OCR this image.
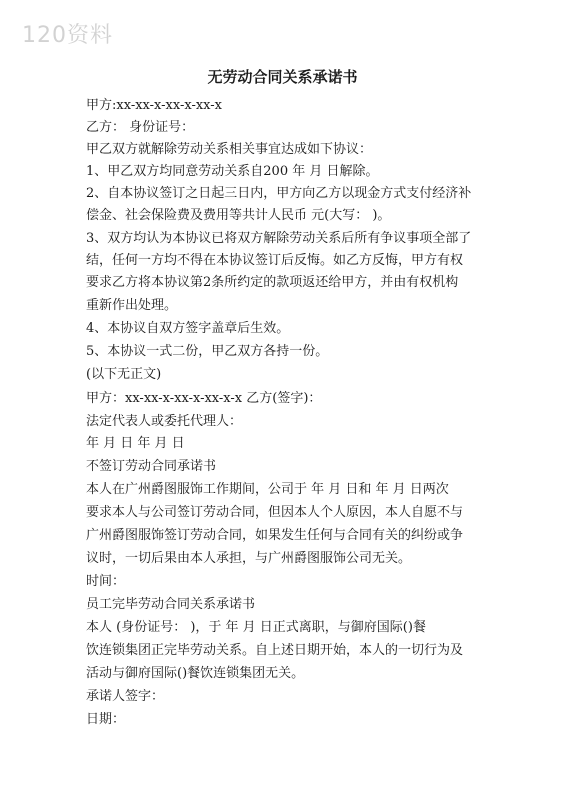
120资料
无劳动合同关系承诺书
甲方:xx-xx-x-xx-x-xx-x
乙方： 身份证号：
甲乙双方就解除劳动关系相关事宜达成如下协议：
1、甲乙双方均同意劳动关系自200 年 月 日解除。
2、自本协议签订之日起三日内，甲方向乙方以现金方式支付经济补
偿金、社会保险费及费用等共计人民币 元(大写： )。
3、双方均认为本协议已将双方解除劳动关系后所有争议事项全部了
结，任何一方均不得在本协议签订后反悔。如乙方反悔，甲方有权
要求乙方将本协议第2条所约定的款项返还给甲方，并由有权机构
重新作出处理。
4、本协议自双方签字盖章后生效。
5、本协议一式二份，甲乙双方各持一份。
(以下无正文)
甲方：xx-xx-x-xx-x-xx-x-x 乙方(签字)：
法定代表人或委托代理人：
年 月 日 年 月 日
不签订劳动合同承诺书
本人在广州爵图服饰工作期间，公司于 年 月 日和 年 月 日两次
要求本人与公司签订劳动合同，但因本人个人原因，本人自愿不与
广州爵图服饰签订劳动合同，如果发生任何与合同有关的纠纷或争
议时，一切后果由本人承担，与广州爵图服饰公司无关。
时间：
员工完毕劳动合同关系承诺书
本人 (身份证号： )，于 年 月 日正式离职，与御府国际()餐
饮连锁集团正完毕劳动关系。自上述日期开始，本人的一切行为及
活动与御府国际()餐饮连锁集团无关。
承诺人签字：
日期：
